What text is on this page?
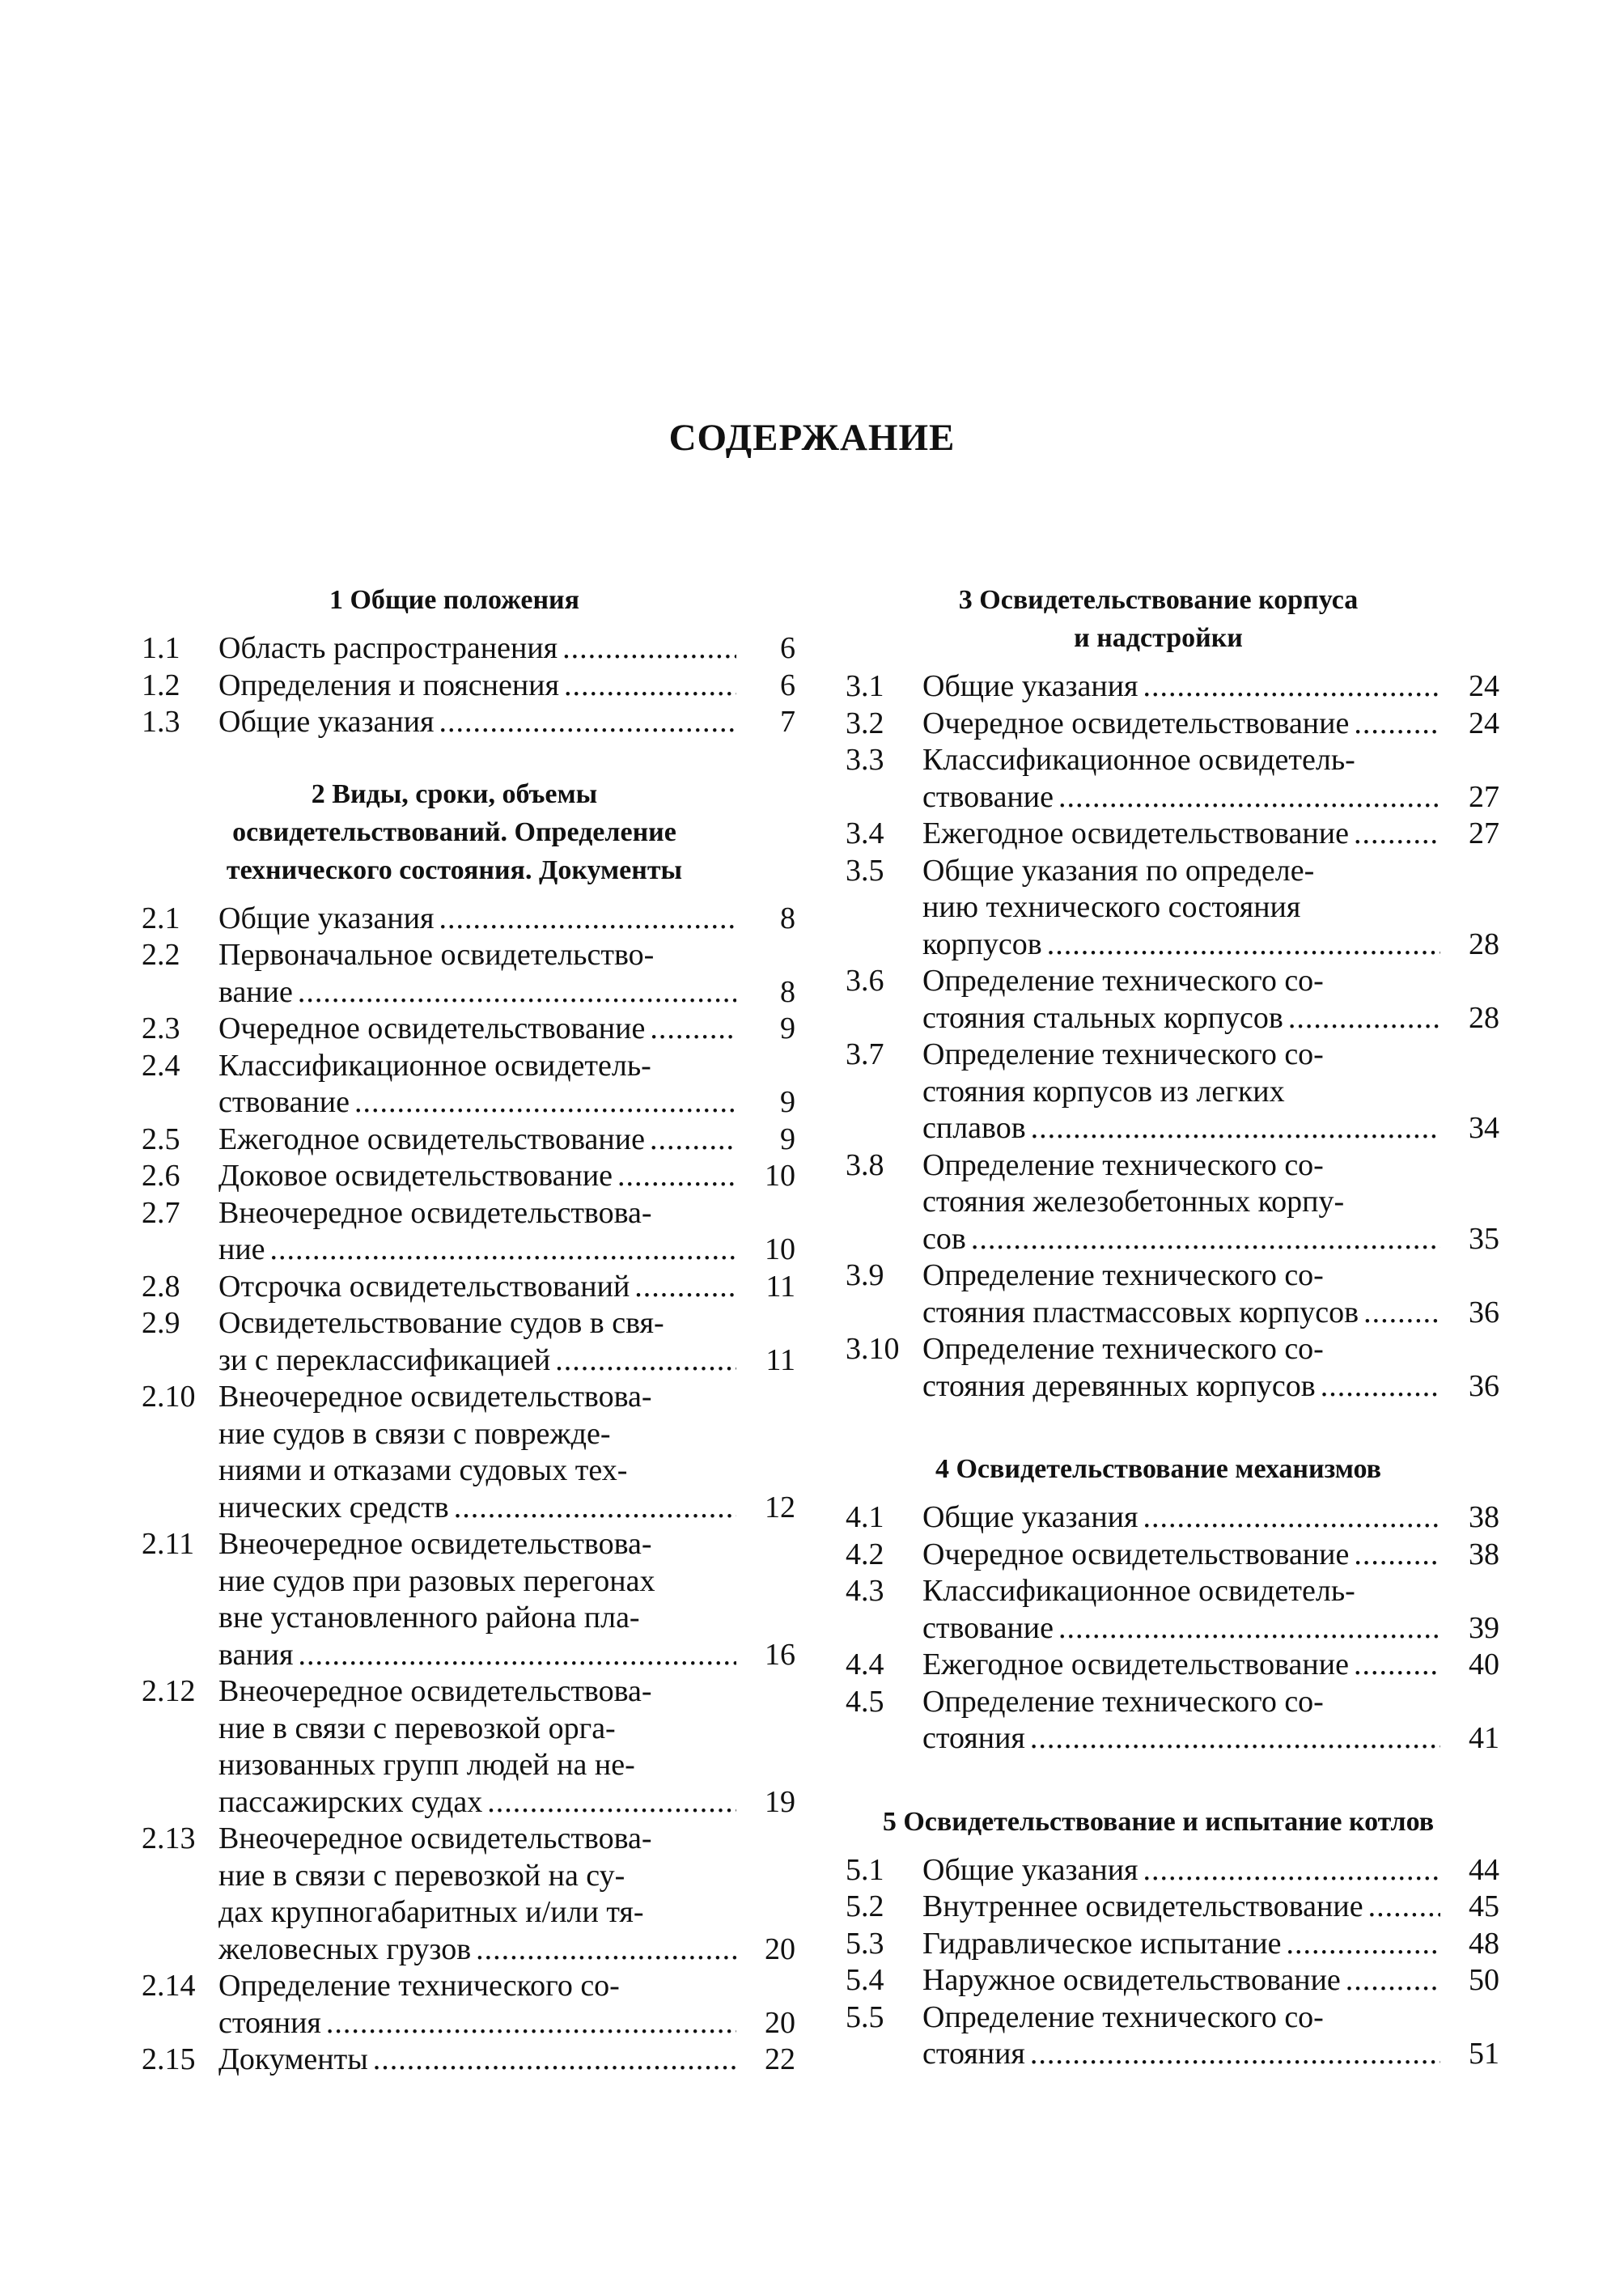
СОДЕРЖАНИЕ
1 Общие положения
1.1	Область распространения .....	6
1.2	Определения и пояснения .....	6
1.3	Общие указания .....	7
2 Виды, сроки, объемы
освидетельствований. Определение
технического состояния. Документы
2.1	Общие указания .....	8
2.2	Первоначальное освидетельство-
вание .....	8
2.3	Очередное освидетельствование .....	9
2.4	Классификационное освидетель-
ствование .....	9
2.5	Ежегодное освидетельствование .....	9
2.6	Доковое освидетельствование .....	10
2.7	Внеочередное освидетельствова-
ние .....	10
2.8	Отсрочка освидетельствований .....	11
2.9	Освидетельствование судов в свя-
зи с переклассификацией .....	11
2.10 Внеочередное освидетельствова-
ние судов в связи с поврежде-
ниями и отказами судовых тех-
нических средств .....	12
2.11 Внеочередное освидетельствова-
ние судов при разовых перегонах
вне установленного района пла-
вания .....	16
2.12 Внеочередное освидетельствова-
ние в связи с перевозкой орга-
низованных групп людей на не-
пассажирских судах .....	19
2.13 Внеочередное освидетельствова-
ние в связи с перевозкой на су-
дах крупногабаритных и/или тя-
желовесных грузов .....	20
2.14 Определение технического со-
стояния .....	20
2.15 Документы .....	22
3 Освидетельствование корпуса
и надстройки
3.1	Общие указания .....	24
3.2	Очередное освидетельствование .....	24
3.3	Классификационное освидетель-
ствование .....	27
3.4	Ежегодное освидетельствование .....	27
3.5	Общие указания по определе-
нию технического состояния
корпусов .....	28
3.6	Определение технического со-
стояния стальных корпусов .....	28
3.7	Определение технического со-
стояния корпусов из легких
сплавов .....	34
3.8	Определение технического со-
стояния железобетонных корпу-
сов .....	35
3.9	Определение технического со-
стояния пластмассовых корпусов .....	36
3.10 Определение технического со-
стояния деревянных корпусов .....	36
4 Освидетельствование механизмов
4.1	Общие указания .....	38
4.2	Очередное освидетельствование .....	38
4.3	Классификационное освидетель-
ствование .....	39
4.4	Ежегодное освидетельствование .....	40
4.5	Определение технического со-
стояния .....	41
5 Освидетельствование и испытание котлов
5.1	Общие указания .....	44
5.2	Внутреннее освидетельствование .....	45
5.3	Гидравлическое испытание .....	48
5.4	Наружное освидетельствование .....	50
5.5	Определение технического со-
стояния .....	51
